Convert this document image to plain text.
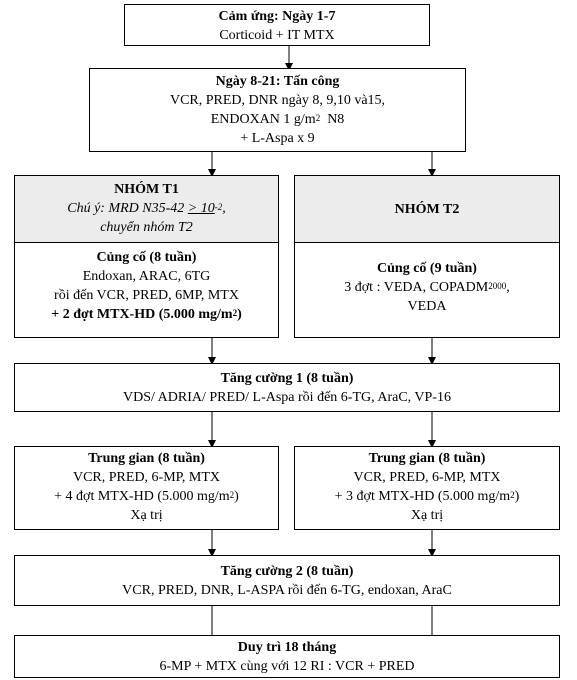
Cảm ứng: Ngày 1-7
Corticoid + IT MTX
Ngày 8-21: Tấn công
VCR, PRED, DNR ngày 8, 9,10 và15,
ENDOXAN 1 $g/m^2$  N8
+ L-Aspa x 9
NHÓM T1
Chú ý: MRD $N35-42 > 10^{-2}$,
chuyển nhóm T2
NHÓM T2
Củng cố (8 tuần)
Endoxan, ARAC, 6TG
rồi đến VCR, PRED, 6MP, MTX
+ 2 đợt MTX-HD (5.000 $mg/m^2$)
Củng cố (9 tuần)
3 đợt : VEDA, $COPADM^{2000}$,
VEDA
Tăng cường 1 (8 tuần)
VDS/ ADRIA/ PRED/ L-Aspa rồi đến 6-TG, AraC, VP-16
Trung gian (8 tuần)
VCR, PRED, 6-MP, MTX
+ 4 đợt MTX-HD (5.000 $mg/m^2$)
Xạ trị
Trung gian (8 tuần)
VCR, PRED, 6-MP, MTX
+ 3 đợt MTX-HD (5.000 $mg/m^2$)
Xạ trị
Tăng cường 2 (8 tuần)
VCR, PRED, DNR, L-ASPA rồi đến 6-TG, endoxan, AraC
Duy trì 18 tháng
6-MP + MTX cùng với 12 RI : VCR + PRED
